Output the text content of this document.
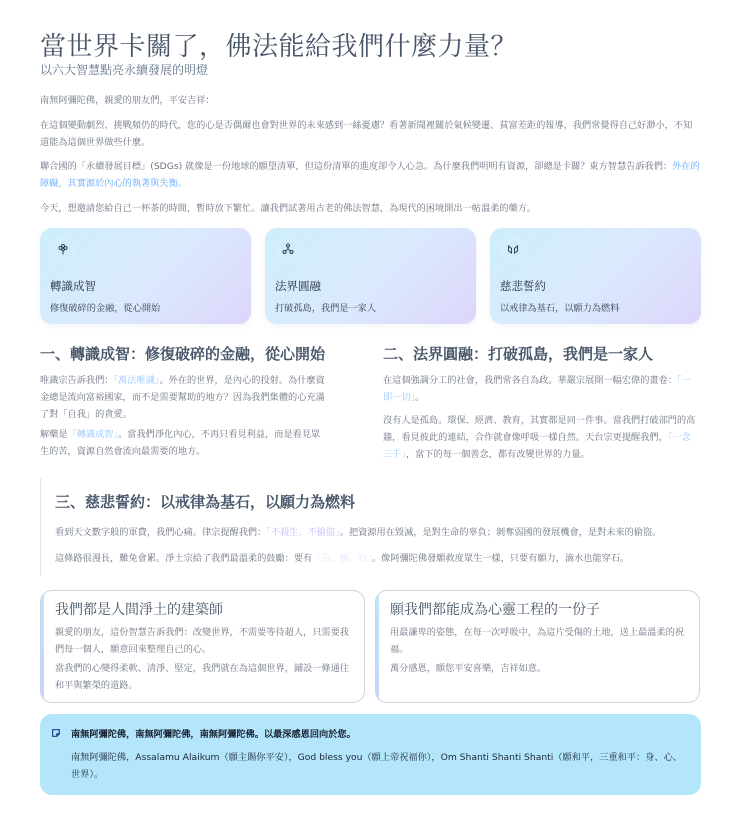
當世界卡關了，佛法能給我們什麼力量？
以六大智慧點亮永續發展的明燈

南無阿彌陀佛，親愛的朋友們，平安吉祥：

在這個變動劇烈、挑戰頻仍的時代，您的心是否偶爾也會對世界的未來感到一絲憂慮？看著新聞裡關於氣候變遷、貧富差距的報導，我們常覺得自己好渺小，不知道能為這個世界做些什麼。

聯合國的「永續發展目標」(SDGs) 就像是一份地球的願望清單，但這份清單的進度卻令人心急。為什麼我們明明有資源，卻總是卡關？東方智慧告訴我們：外在的障礙，其實源於內心的執著與失衡。

今天，想邀請您給自己一杯茶的時間，暫時放下繁忙。讓我們試著用古老的佛法智慧，為現代的困境開出一帖溫柔的藥方。

轉識成智
修復破碎的金融，從心開始
法界圓融
打破孤島，我們是一家人
慈悲誓約
以戒律為基石，以願力為燃料
一、轉識成智：修復破碎的金融，從心開始
唯識宗告訴我們：「萬法唯識」。外在的世界，是內心的投射。為什麼資金總是流向富裕國家，而不是需要幫助的地方？因為我們集體的心充滿了對「自我」的貪愛。
解藥是「轉識成智」。當我們淨化內心，不再只看見利益，而是看見眾生的苦，資源自然會流向最需要的地方。
二、法界圓融：打破孤島，我們是一家人
在這個強調分工的社會，我們常各自為政。華嚴宗展開一幅宏偉的畫卷：「一即一切」。
沒有人是孤島。環保、經濟、教育，其實都是同一件事。當我們打破部門的高牆，看見彼此的連結，合作就會像呼吸一樣自然。天台宗更提醒我們，「一念三千」，當下的每一個善念，都有改變世界的力量。
三、慈悲誓約：以戒律為基石，以願力為燃料
看到天文數字般的軍費，我們心痛。律宗提醒我們：「不殺生、不偷盜」。把資源用在毀滅，是對生命的辜負；剝奪弱國的發展機會，是對未來的偷盜。
這條路很漫長，難免會累。淨土宗給了我們最溫柔的鼓勵：要有「信、願、行」。像阿彌陀佛發願救度眾生一樣，只要有願力，滴水也能穿石。
我們都是人間淨土的建築師
親愛的朋友，這份智慧告訴我們：改變世界，不需要等待超人，只需要我們每一個人，願意回來整理自己的心。
當我們的心變得柔軟、清淨、堅定，我們就在為這個世界，鋪設一條通往和平與繁榮的道路。
願我們都能成為心靈工程的一份子
用最謙卑的姿態，在每一次呼吸中，為這片受傷的土地，送上最溫柔的祝福。
萬分感恩，願您平安喜樂，吉祥如意。
南無阿彌陀佛，南無阿彌陀佛，南無阿彌陀佛。以最深感恩回向於您。
南無阿彌陀佛，Assalamu Alaikum（願主賜你平安），God bless you（願上帝祝福你），Om Shanti Shanti Shanti（願和平，三重和平：身、心、世界）。
